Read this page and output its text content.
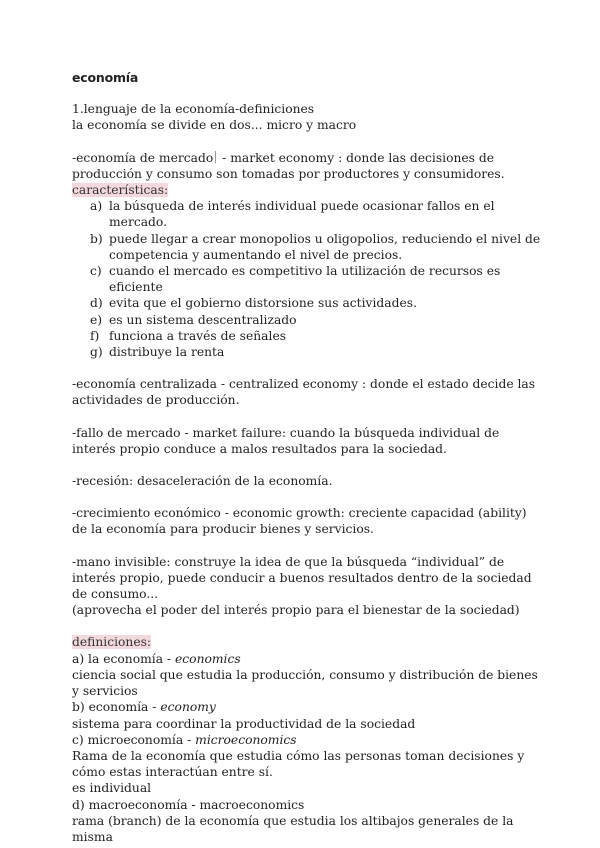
economía

1.lenguaje de la economía-definiciones

la economía se divide en dos... micro y macro

-economía de mercado - market economy : donde las decisiones de producción y consumo son tomadas por productores y consumidores.

características:

a) la búsqueda de interés individual puede ocasionar fallos en el mercado.
b) puede llegar a crear monopolios u oligopolios, reduciendo el nivel de competencia y aumentando el nivel de precios.
c) cuando el mercado es competitivo la utilización de recursos es eficiente
d) evita que el gobierno distorsione sus actividades.
e) es un sistema descentralizado
f) funciona a través de señales
g) distribuye la renta

-economía centralizada - centralized economy : donde el estado decide las actividades de producción.

-fallo de mercado - market failure: cuando la búsqueda individual de interés propio conduce a malos resultados para la sociedad.

-recesión: desaceleración de la economía.

-crecimiento económico - economic growth: creciente capacidad (ability) de la economía para producir bienes y servicios.

-mano invisible: construye la idea de que la búsqueda “individual” de interés propio, puede conducir a buenos resultados dentro de la sociedad de consumo...

(aprovecha el poder del interés propio para el bienestar de la sociedad)

definiciones:

a) la economía - economics

ciencia social que estudia la producción, consumo y distribución de bienes y servicios

b) economía - economy

sistema para coordinar la productividad de la sociedad

c) microeconomía - microeconomics

Rama de la economía que estudia cómo las personas toman decisiones y cómo estas interactúan entre sí.

es individual

d) macroeconomía - macroeconomics

rama (branch) de la economía que estudia los altibajos generales de la misma
